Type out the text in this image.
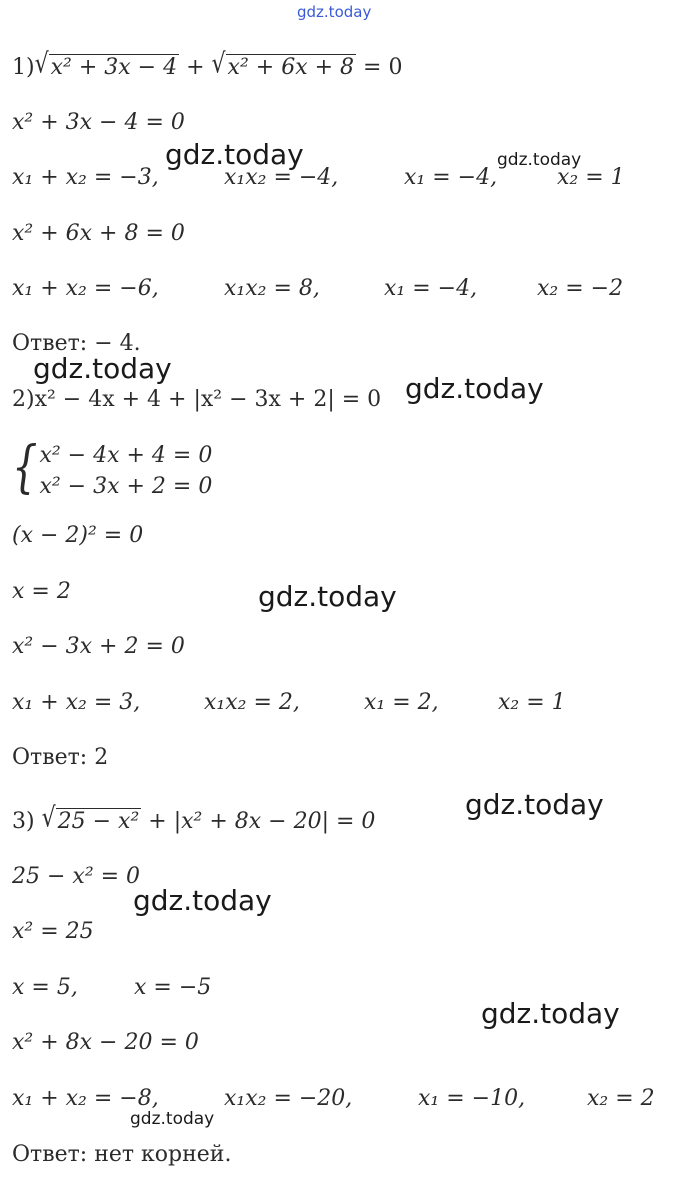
gdz.today
gdz.today	gdz.today
gdz.today
gdz.today
gdz.today
gdz.today
gdz.today
gdz.today
gdz.today
1)√x² + 3x − 4 + √x² + 6x + 8 = 0
x² + 3x − 4 = 0
x₁ + x₂ = −3,	x₁x₂ = −4,	x₁ = −4,	x₂ = 1
x² + 6x + 8 = 0
x₁ + x₂ = −6,	x₁x₂ = 8,	x₁ = −4,	x₂ = −2
Ответ: − 4.
2)x² − 4x + 4 + |x² − 3x + 2| = 0
{ x² − 4x + 4 = 0
x² − 3x + 2 = 0
(x − 2)² = 0
x = 2
x² − 3x + 2 = 0
x₁ + x₂ = 3,	x₁x₂ = 2,	x₁ = 2,	x₂ = 1
Ответ: 2
3) √25 − x² + |x² + 8x − 20| = 0
25 − x² = 0
x² = 25
x = 5,	x = −5
x² + 8x − 20 = 0
x₁ + x₂ = −8,	x₁x₂ = −20,	x₁ = −10,	x₂ = 2
Ответ: нет корней.
